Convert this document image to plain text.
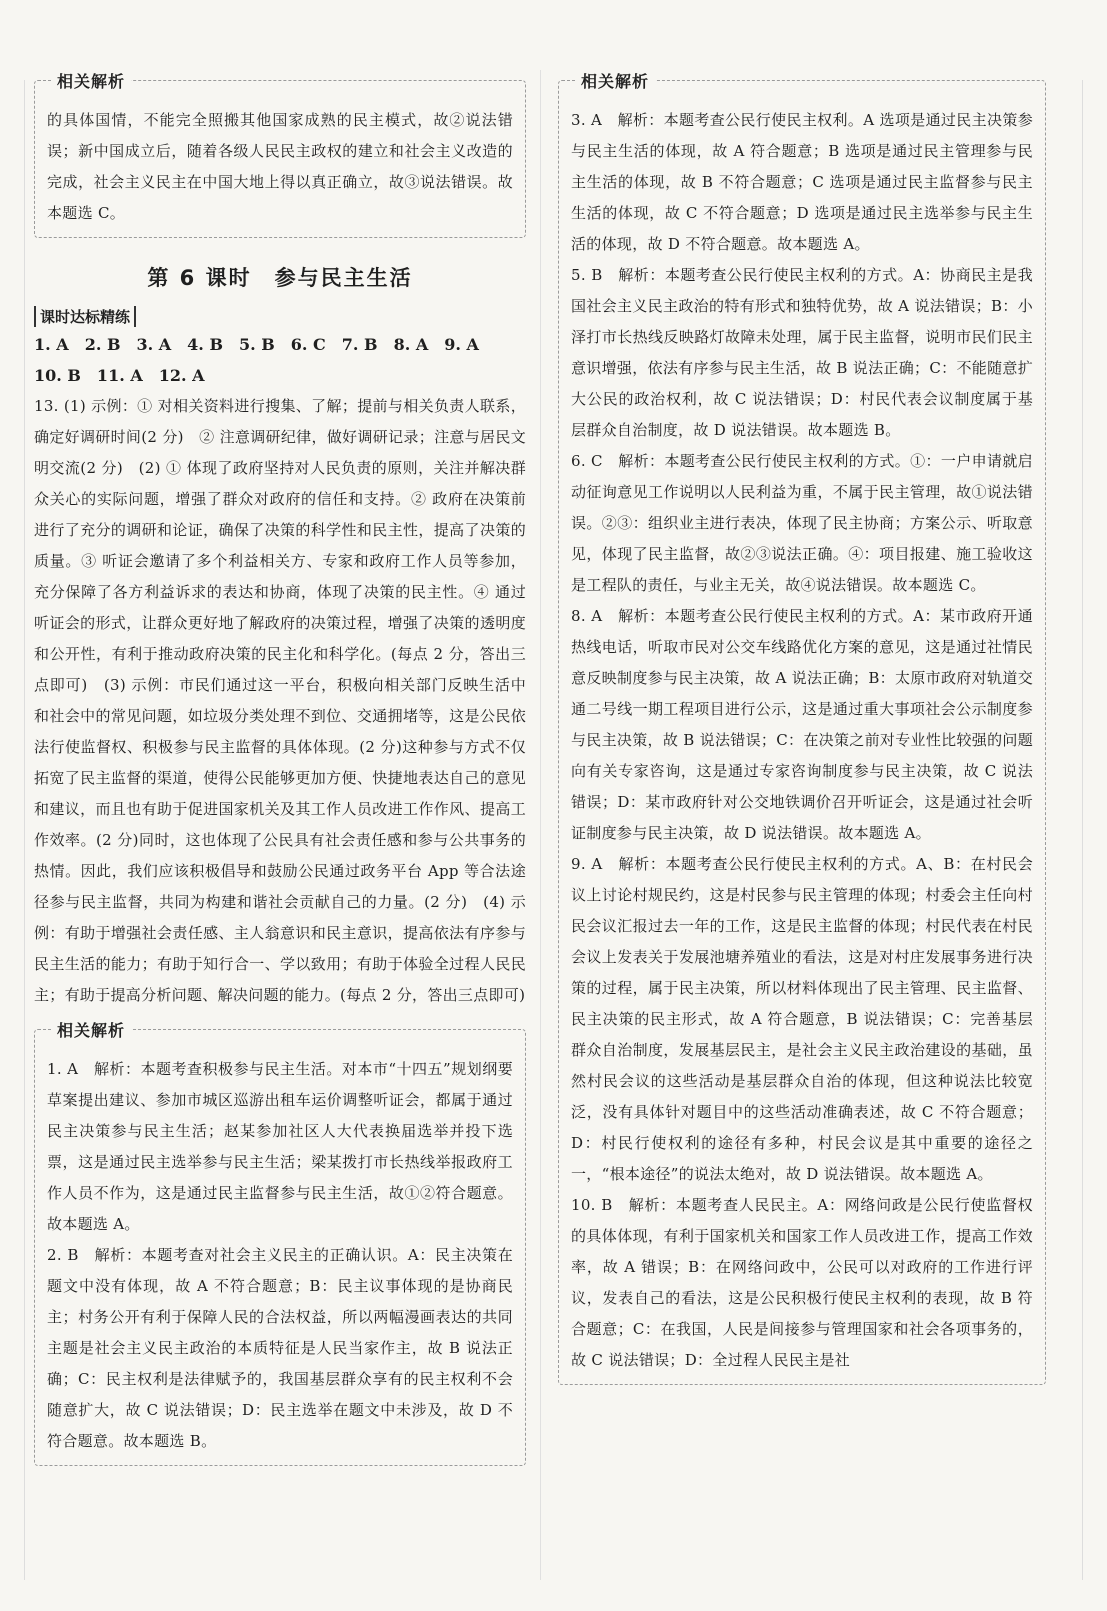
相关解析

的具体国情，不能完全照搬其他国家成熟的民主模式，故②说法错误；新中国成立后，随着各级人民民主政权的建立和社会主义改造的完成，社会主义民主在中国大地上得以真正确立，故③说法错误。故本题选 C。

第 6 课时　参与民主生活
课时达标精练

1. A　2. B　3. A　4. B　5. B　6. C　7. B　8. A　9. A

10. B　11. A　12. A

13. (1) 示例：① 对相关资料进行搜集、了解；提前与相关负责人联系，确定好调研时间(2 分)　② 注意调研纪律，做好调研记录；注意与居民文明交流(2 分)　(2) ① 体现了政府坚持对人民负责的原则，关注并解决群众关心的实际问题，增强了群众对政府的信任和支持。② 政府在决策前进行了充分的调研和论证，确保了决策的科学性和民主性，提高了决策的质量。③ 听证会邀请了多个利益相关方、专家和政府工作人员等参加，充分保障了各方利益诉求的表达和协商，体现了决策的民主性。④ 通过听证会的形式，让群众更好地了解政府的决策过程，增强了决策的透明度和公开性，有利于推动政府决策的民主化和科学化。(每点 2 分，答出三点即可)　(3) 示例：市民们通过这一平台，积极向相关部门反映生活中和社会中的常见问题，如垃圾分类处理不到位、交通拥堵等，这是公民依法行使监督权、积极参与民主监督的具体体现。(2 分)这种参与方式不仅拓宽了民主监督的渠道，使得公民能够更加方便、快捷地表达自己的意见和建议，而且也有助于促进国家机关及其工作人员改进工作作风、提高工作效率。(2 分)同时，这也体现了公民具有社会责任感和参与公共事务的热情。因此，我们应该积极倡导和鼓励公民通过政务平台 App 等合法途径参与民主监督，共同为构建和谐社会贡献自己的力量。(2 分)　(4) 示例：有助于增强社会责任感、主人翁意识和民主意识，提高依法有序参与民主生活的能力；有助于知行合一、学以致用；有助于体验全过程人民民主；有助于提高分析问题、解决问题的能力。(每点 2 分，答出三点即可)

相关解析

1. A　解析：本题考查积极参与民主生活。对本市“十四五”规划纲要草案提出建议、参加市城区巡游出租车运价调整听证会，都属于通过民主决策参与民主生活；赵某参加社区人大代表换届选举并投下选票，这是通过民主选举参与民主生活；梁某拨打市长热线举报政府工作人员不作为，这是通过民主监督参与民主生活，故①②符合题意。故本题选 A。

2. B　解析：本题考查对社会主义民主的正确认识。A：民主决策在题文中没有体现，故 A 不符合题意；B：民主议事体现的是协商民主；村务公开有利于保障人民的合法权益，所以两幅漫画表达的共同主题是社会主义民主政治的本质特征是人民当家作主，故 B 说法正确；C：民主权利是法律赋予的，我国基层群众享有的民主权利不会随意扩大，故 C 说法错误；D：民主选举在题文中未涉及，故 D 不符合题意。故本题选 B。

相关解析

3. A　解析：本题考查公民行使民主权利。A 选项是通过民主决策参与民主生活的体现，故 A 符合题意；B 选项是通过民主管理参与民主生活的体现，故 B 不符合题意；C 选项是通过民主监督参与民主生活的体现，故 C 不符合题意；D 选项是通过民主选举参与民主生活的体现，故 D 不符合题意。故本题选 A。

5. B　解析：本题考查公民行使民主权利的方式。A：协商民主是我国社会主义民主政治的特有形式和独特优势，故 A 说法错误；B：小泽打市长热线反映路灯故障未处理，属于民主监督，说明市民们民主意识增强，依法有序参与民主生活，故 B 说法正确；C：不能随意扩大公民的政治权利，故 C 说法错误；D：村民代表会议制度属于基层群众自治制度，故 D 说法错误。故本题选 B。

6. C　解析：本题考查公民行使民主权利的方式。①：一户申请就启动征询意见工作说明以人民利益为重，不属于民主管理，故①说法错误。②③：组织业主进行表决，体现了民主协商；方案公示、听取意见，体现了民主监督，故②③说法正确。④：项目报建、施工验收这是工程队的责任，与业主无关，故④说法错误。故本题选 C。

8. A　解析：本题考查公民行使民主权利的方式。A：某市政府开通热线电话，听取市民对公交车线路优化方案的意见，这是通过社情民意反映制度参与民主决策，故 A 说法正确；B：太原市政府对轨道交通二号线一期工程项目进行公示，这是通过重大事项社会公示制度参与民主决策，故 B 说法错误；C：在决策之前对专业性比较强的问题向有关专家咨询，这是通过专家咨询制度参与民主决策，故 C 说法错误；D：某市政府针对公交地铁调价召开听证会，这是通过社会听证制度参与民主决策，故 D 说法错误。故本题选 A。

9. A　解析：本题考查公民行使民主权利的方式。A、B：在村民会议上讨论村规民约，这是村民参与民主管理的体现；村委会主任向村民会议汇报过去一年的工作，这是民主监督的体现；村民代表在村民会议上发表关于发展池塘养殖业的看法，这是对村庄发展事务进行决策的过程，属于民主决策，所以材料体现出了民主管理、民主监督、民主决策的民主形式，故 A 符合题意，B 说法错误；C：完善基层群众自治制度，发展基层民主，是社会主义民主政治建设的基础，虽然村民会议的这些活动是基层群众自治的体现，但这种说法比较宽泛，没有具体针对题目中的这些活动准确表述，故 C 不符合题意；D：村民行使权利的途径有多种，村民会议是其中重要的途径之一，“根本途径”的说法太绝对，故 D 说法错误。故本题选 A。

10. B　解析：本题考查人民民主。A：网络问政是公民行使监督权的具体体现，有利于国家机关和国家工作人员改进工作，提高工作效率，故 A 错误；B：在网络问政中，公民可以对政府的工作进行评议，发表自己的看法，这是公民积极行使民主权利的表现，故 B 符合题意；C：在我国，人民是间接参与管理国家和社会各项事务的，故 C 说法错误；D：全过程人民民主是社
